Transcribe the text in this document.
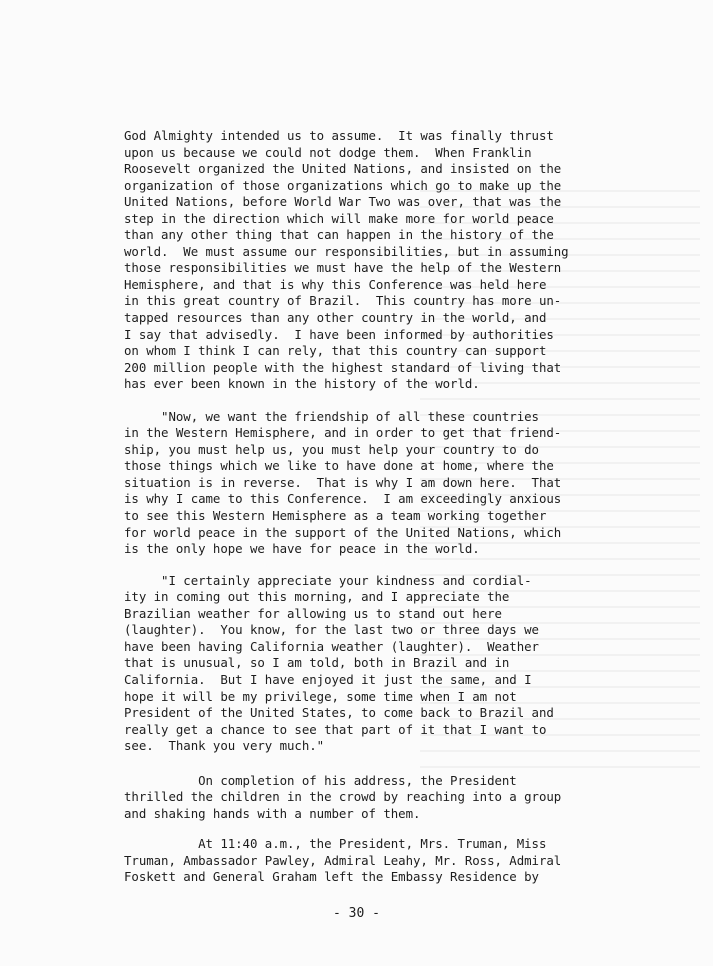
God Almighty intended us to assume.  It was finally thrust
upon us because we could not dodge them.  When Franklin
Roosevelt organized the United Nations, and insisted on the
organization of those organizations which go to make up the
United Nations, before World War Two was over, that was the
step in the direction which will make more for world peace
than any other thing that can happen in the history of the
world.  We must assume our responsibilities, but in assuming
those responsibilities we must have the help of the Western
Hemisphere, and that is why this Conference was held here
in this great country of Brazil.  This country has more un-
tapped resources than any other country in the world, and
I say that advisedly.  I have been informed by authorities
on whom I think I can rely, that this country can support
200 million people with the highest standard of living that
has ever been known in the history of the world.
"Now, we want the friendship of all these countries
in the Western Hemisphere, and in order to get that friend-
ship, you must help us, you must help your country to do
those things which we like to have done at home, where the
situation is in reverse.  That is why I am down here.  That
is why I came to this Conference.  I am exceedingly anxious
to see this Western Hemisphere as a team working together
for world peace in the support of the United Nations, which
is the only hope we have for peace in the world.
"I certainly appreciate your kindness and cordial-
ity in coming out this morning, and I appreciate the
Brazilian weather for allowing us to stand out here
(laughter).  You know, for the last two or three days we
have been having California weather (laughter).  Weather
that is unusual, so I am told, both in Brazil and in
California.  But I have enjoyed it just the same, and I
hope it will be my privilege, some time when I am not
President of the United States, to come back to Brazil and
really get a chance to see that part of it that I want to
see.  Thank you very much."
On completion of his address, the President
thrilled the children in the crowd by reaching into a group
and shaking hands with a number of them.
At 11:40 a.m., the President, Mrs. Truman, Miss
Truman, Ambassador Pawley, Admiral Leahy, Mr. Ross, Admiral
Foskett and General Graham left the Embassy Residence by
- 30 -
